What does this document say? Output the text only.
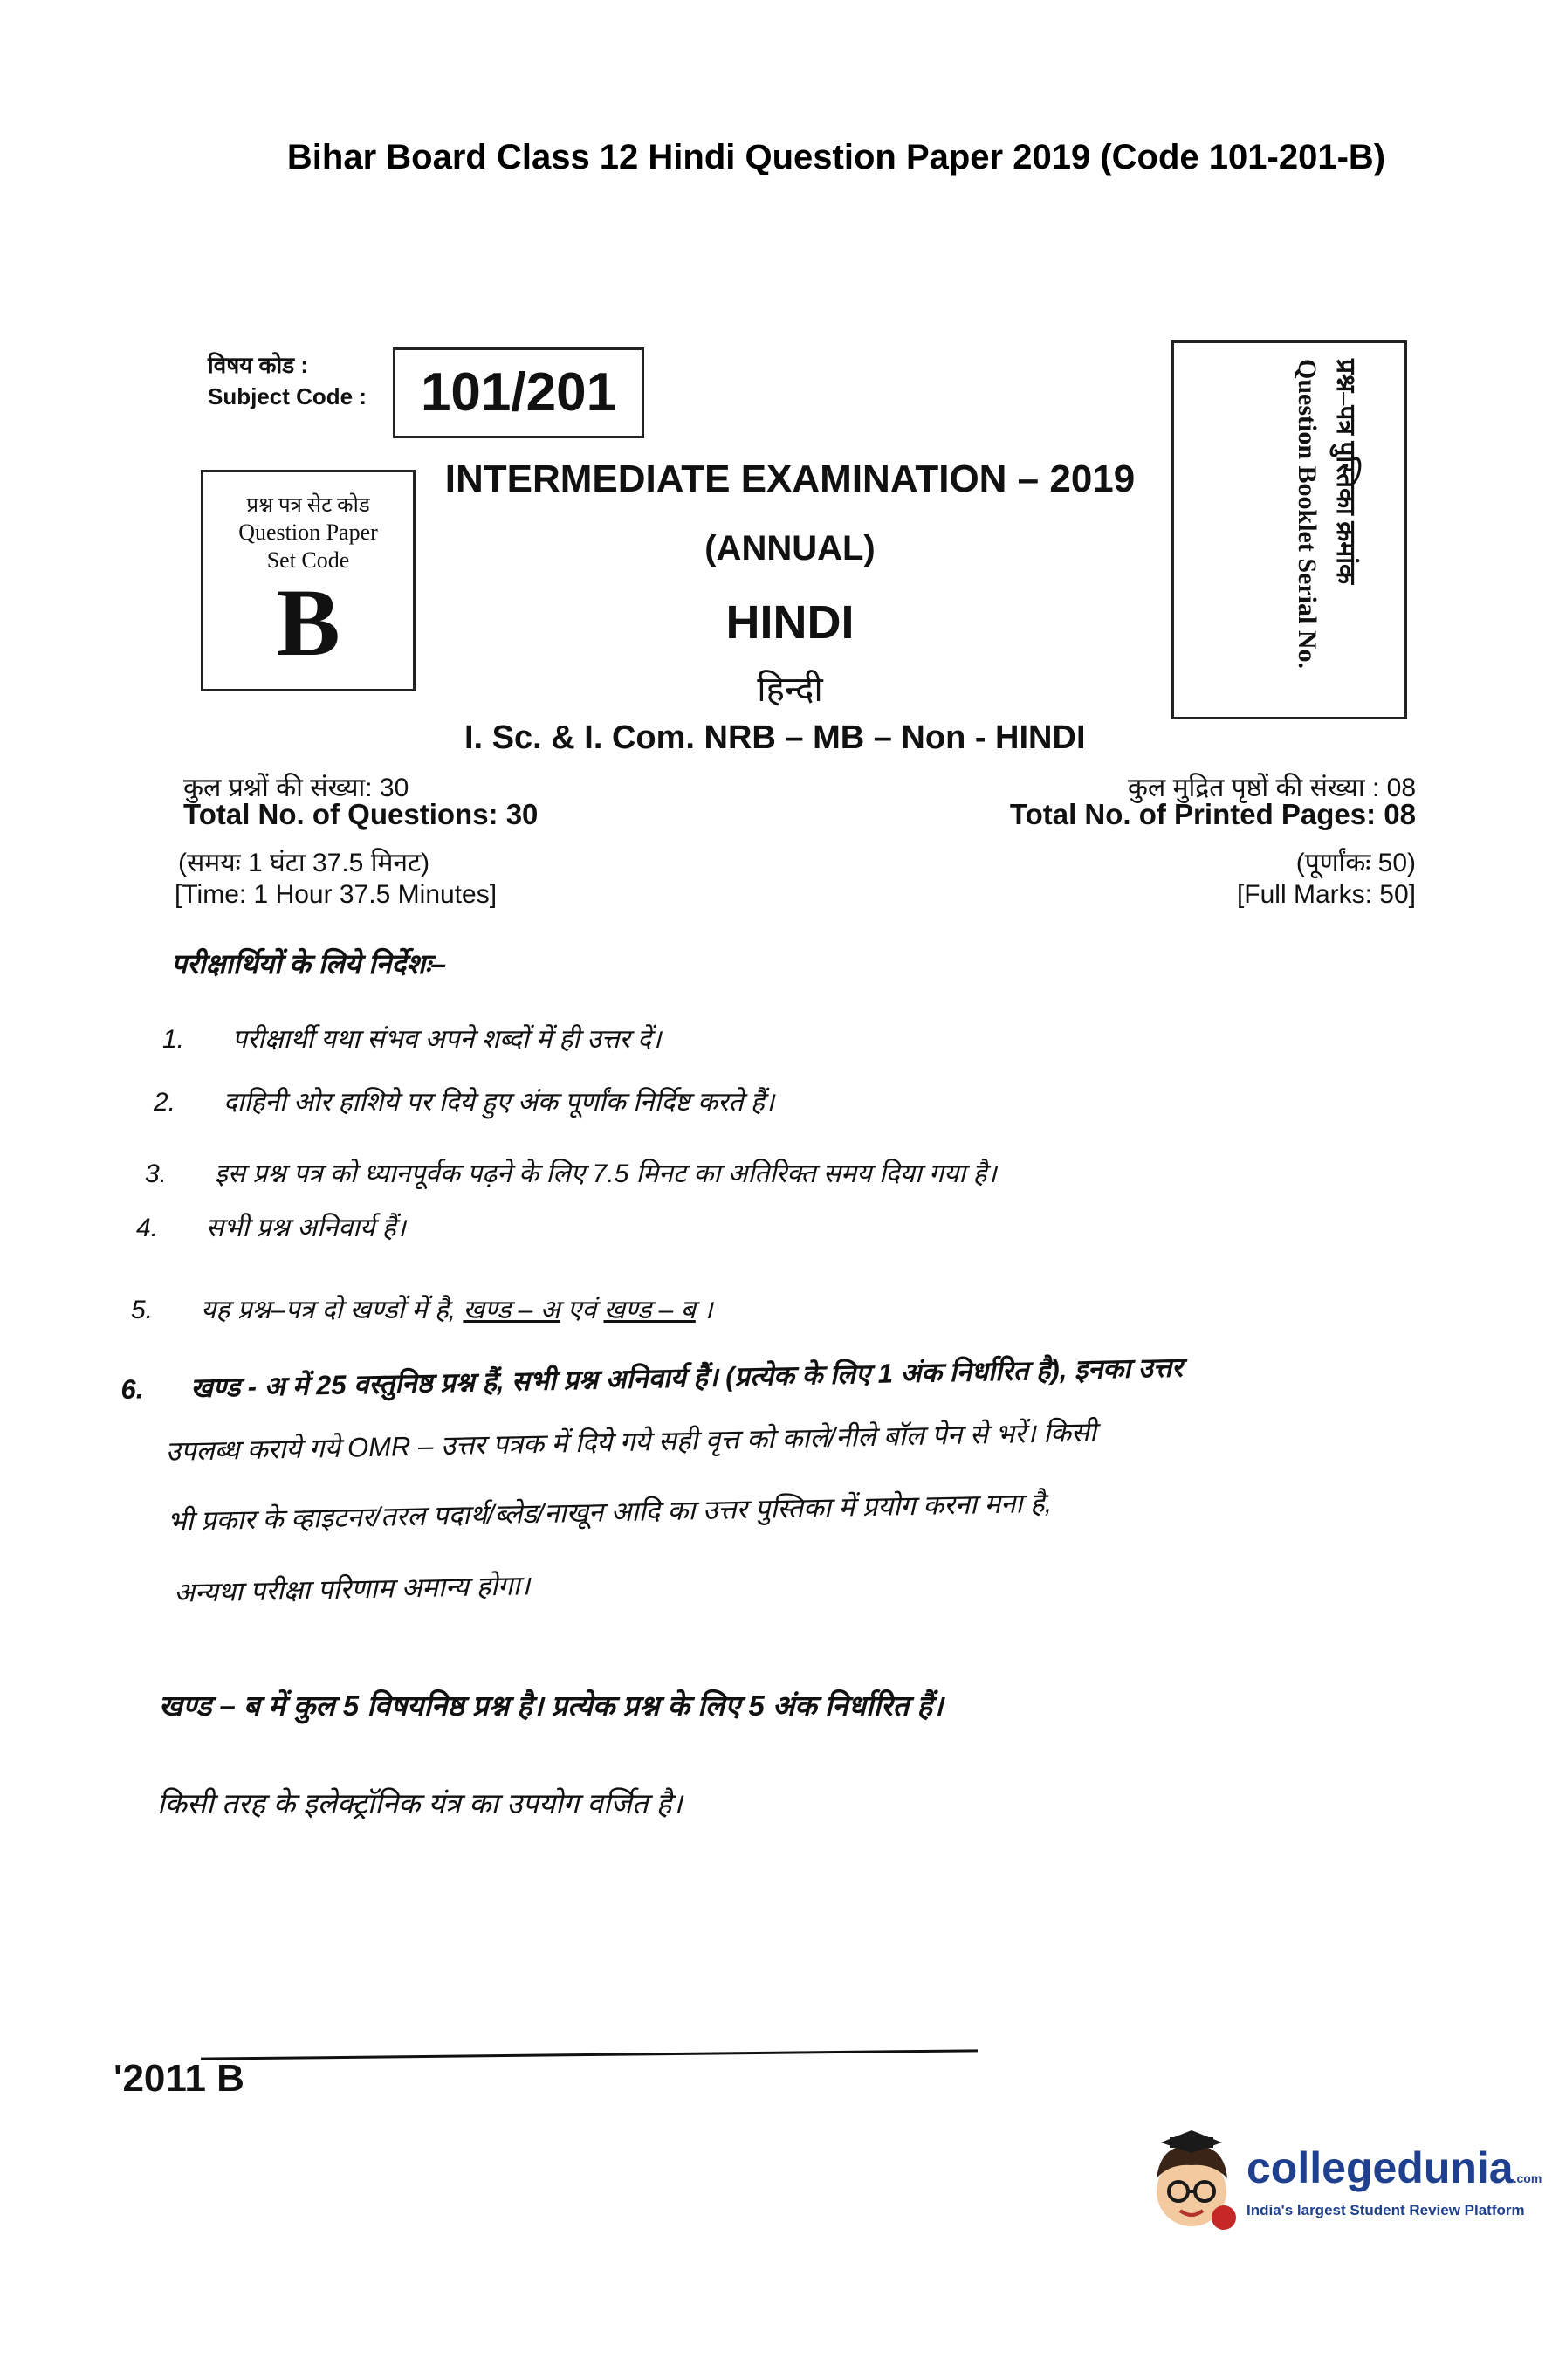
Bihar Board Class 12 Hindi Question Paper 2019 (Code 101-201-B)
विषय कोड :
Subject Code : 101/201
प्रश्न पत्र सेट कोड
Question Paper
Set Code
B
प्रश्न–पत्र पुस्तिका क्रमांक
Question Booklet Serial No.
INTERMEDIATE EXAMINATION – 2019
(ANNUAL)
HINDI
हिन्दी
I. Sc. & I. Com. NRB – MB – Non - HINDI
कुल प्रश्नों की संख्या: 30
Total No. of Questions: 30
कुल मुद्रित पृष्ठों की संख्या : 08
Total No. of Printed Pages: 08
(समयः 1 घंटा 37.5 मिनट)
[Time: 1 Hour 37.5 Minutes]
(पूर्णांकः 50)
[Full Marks: 50]
परीक्षार्थियों के लिये निर्देशः–
1. परीक्षार्थी यथा संभव अपने शब्दों में ही उत्तर दें।
2. दाहिनी ओर हाशिये पर दिये हुए अंक पूर्णांक निर्दिष्ट करते हैं।
3. इस प्रश्न पत्र को ध्यानपूर्वक पढ़ने के लिए 7.5 मिनट का अतिरिक्त समय दिया गया है।
4. सभी प्रश्न अनिवार्य हैं।
5. यह प्रश्न–पत्र दो खण्डों में है, खण्ड – अ एवं खण्ड – ब ।
6. खण्ड - अ में 25 वस्तुनिष्ठ प्रश्न हैं, सभी प्रश्न अनिवार्य हैं। (प्रत्येक के लिए 1 अंक निर्धारित है), इनका उत्तर
उपलब्ध कराये गये OMR – उत्तर पत्रक में दिये गये सही वृत्त को काले/नीले बॉल पेन से भरें। किसी
भी प्रकार के व्हाइटनर/तरल पदार्थ/ब्लेड/नाखून आदि का उत्तर पुस्तिका में प्रयोग करना मना है,
अन्यथा परीक्षा परिणाम अमान्य होगा।
खण्ड – ब में कुल 5 विषयनिष्ठ प्रश्न है। प्रत्येक प्रश्न के लिए 5 अंक निर्धारित हैं।
किसी तरह के इलेक्ट्रॉनिक यंत्र का उपयोग वर्जित है।
'2011 B
collegedunia.com
India's largest Student Review Platform
